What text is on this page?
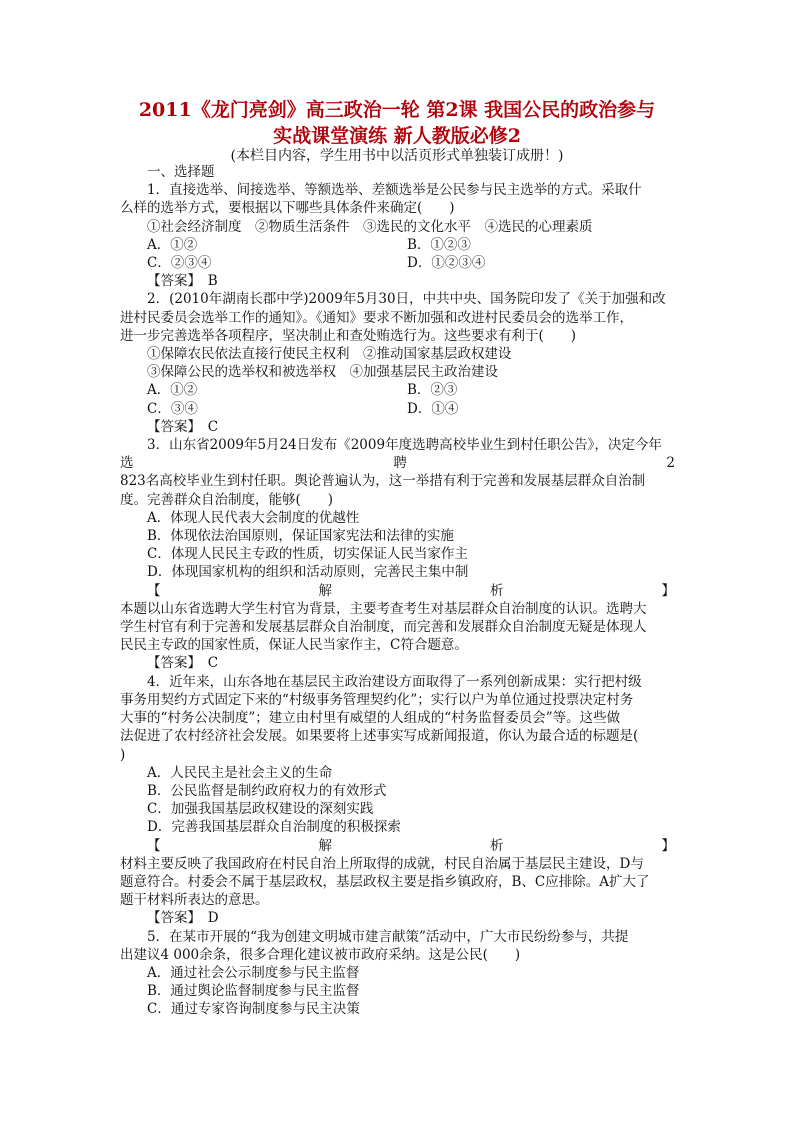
2011《龙门亮剑》高三政治一轮 第2课 我国公民的政治参与
实战课堂演练 新人教版必修2
(本栏目内容，学生用书中以活页形式单独装订成册！)

一、选择题

1．直接选举、间接选举、等额选举、差额选举是公民参与民主选举的方式。采取什

么样的选举方式，要根据以下哪些具体条件来确定(　　)

①社会经济制度　②物质生活条件　③选民的文化水平　④选民的心理素质

A．①②	B．①②③
C．②③④	D．①②③④

【答案】　B

2．(2010年湖南长郡中学)2009年5月30日，中共中央、国务院印发了《关于加强和改

进村民委员会选举工作的通知》。《通知》要求不断加强和改进村民委员会的选举工作，

进一步完善选举各项程序，坚决制止和查处贿选行为。这些要求有利于(　　)

①保障农民依法直接行使民主权利　②推动国家基层政权建设

③保障公民的选举权和被选举权　④加强基层民主政治建设

A．①②	B．②③
C．③④	D．①④

【答案】　C

3．山东省2009年5月24日发布《2009年度选聘高校毕业生到村任职公告》，决定今年

选	聘	2

823名高校毕业生到村任职。舆论普遍认为，这一举措有利于完善和发展基层群众自治制

度。完善群众自治制度，能够(　　)

A．体现人民代表大会制度的优越性

B．体现依法治国原则，保证国家宪法和法律的实施

C．体现人民民主专政的性质，切实保证人民当家作主

D．体现国家机构的组织和活动原则，完善民主集中制

【	解	析	】

本题以山东省选聘大学生村官为背景，主要考查考生对基层群众自治制度的认识。选聘大

学生村官有利于完善和发展基层群众自治制度，而完善和发展群众自治制度无疑是体现人

民民主专政的国家性质，保证人民当家作主，C符合题意。

【答案】　C

4．近年来，山东各地在基层民主政治建设方面取得了一系列创新成果：实行把村级

事务用契约方式固定下来的“村级事务管理契约化”；实行以户为单位通过投票决定村务

大事的“村务公决制度”；建立由村里有威望的人组成的“村务监督委员会”等。这些做

法促进了农村经济社会发展。如果要将上述事实写成新闻报道，你认为最合适的标题是(

)

A．人民民主是社会主义的生命

B．公民监督是制约政府权力的有效形式

C．加强我国基层政权建设的深刻实践

D．完善我国基层群众自治制度的积极探索

【	解	析	】

材料主要反映了我国政府在村民自治上所取得的成就，村民自治属于基层民主建设，D与

题意符合。村委会不属于基层政权，基层政权主要是指乡镇政府，B、C应排除。A扩大了

题干材料所表达的意思。

【答案】　D

5．在某市开展的“我为创建文明城市建言献策”活动中，广大市民纷纷参与，共提

出建议4 000余条，很多合理化建议被市政府采纳。这是公民(　　)

A．通过社会公示制度参与民主监督

B．通过舆论监督制度参与民主监督

C．通过专家咨询制度参与民主决策
